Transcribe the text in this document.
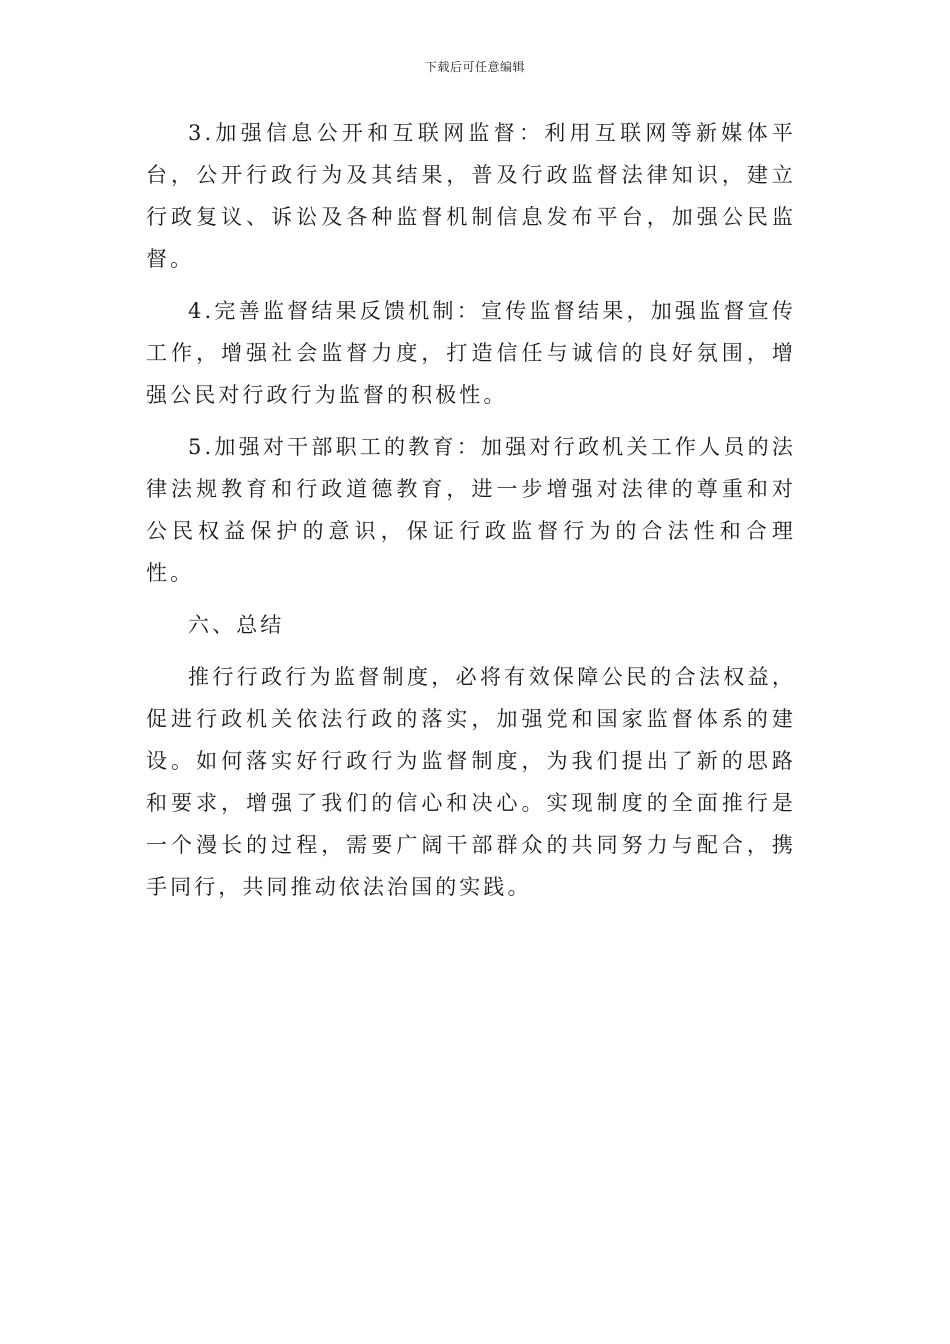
下载后可任意编辑

3.加强信息公开和互联网监督：利用互联网等新媒体平台，公开行政行为及其结果，普及行政监督法律知识，建立行政复议、诉讼及各种监督机制信息发布平台，加强公民监督。

4.完善监督结果反馈机制：宣传监督结果，加强监督宣传工作，增强社会监督力度，打造信任与诚信的良好氛围，增强公民对行政行为监督的积极性。

5.加强对干部职工的教育：加强对行政机关工作人员的法律法规教育和行政道德教育，进一步增强对法律的尊重和对公民权益保护的意识，保证行政监督行为的合法性和合理性。

六、总结

推行行政行为监督制度，必将有效保障公民的合法权益，促进行政机关依法行政的落实，加强党和国家监督体系的建设。如何落实好行政行为监督制度，为我们提出了新的思路和要求，增强了我们的信心和决心。实现制度的全面推行是一个漫长的过程，需要广阔干部群众的共同努力与配合，携手同行，共同推动依法治国的实践。
